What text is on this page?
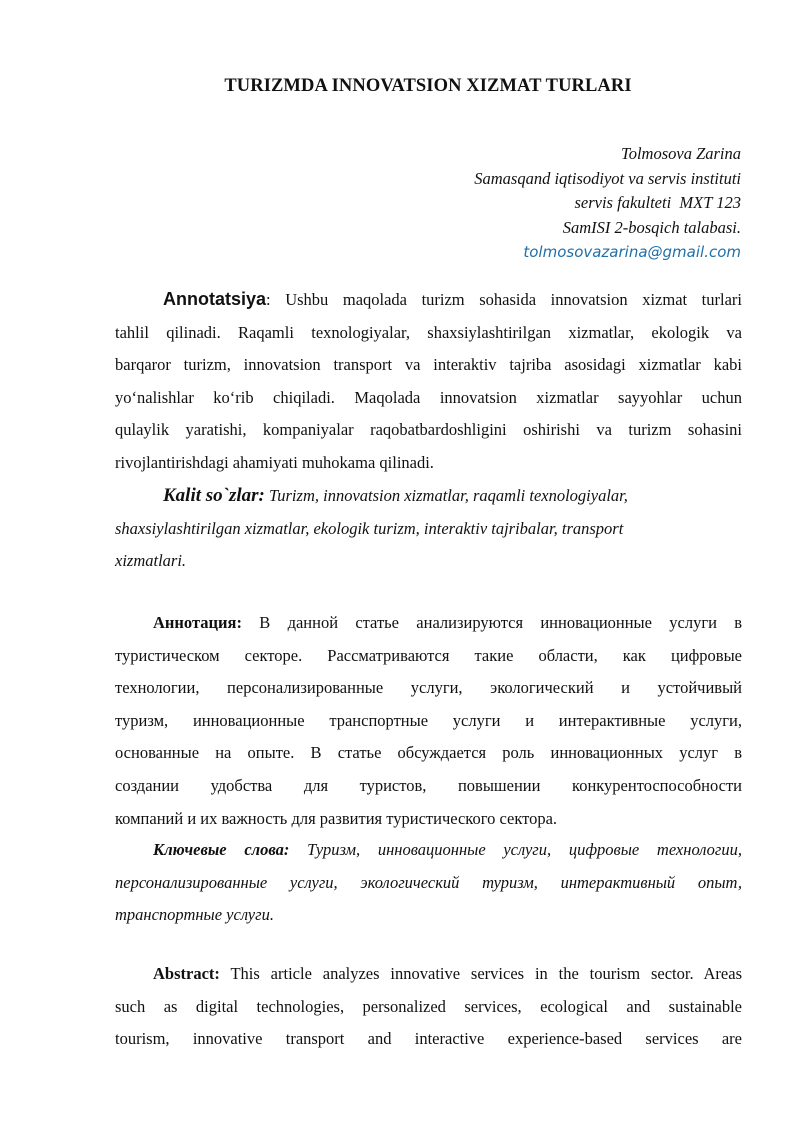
TURIZMDA INNOVATSION XIZMAT TURLARI
Tolmosova Zarina
Samasqand iqtisodiyot va servis instituti
servis fakulteti  MXT 123
SamISI 2-bosqich talabasi.
tolmosovazarina@gmail.com
Annotatsiya: Ushbu maqolada turizm sohasida innovatsion xizmat turlari
tahlil qilinadi. Raqamli texnologiyalar, shaxsiylashtirilgan xizmatlar, ekologik va
barqaror turizm, innovatsion transport va interaktiv tajriba asosidagi xizmatlar kabi
yo‘nalishlar ko‘rib chiqiladi. Maqolada innovatsion xizmatlar sayyohlar uchun
qulaylik yaratishi, kompaniyalar raqobatbardoshligini oshirishi va turizm sohasini
rivojlantirishdagi ahamiyati muhokama qilinadi.
Kalit so`zlar: Turizm, innovatsion xizmatlar, raqamli texnologiyalar,
shaxsiylashtirilgan xizmatlar, ekologik turizm, interaktiv tajribalar, transport
xizmatlari.
Аннотация: В данной статье анализируются инновационные услуги в
туристическом секторе. Рассматриваются такие области, как цифровые
технологии, персонализированные услуги, экологический и устойчивый
туризм, инновационные транспортные услуги и интерактивные услуги,
основанные на опыте. В статье обсуждается роль инновационных услуг в
создании удобства для туристов, повышении конкурентоспособности
компаний и их важность для развития туристического сектора.
Ключевые слова: Туризм, инновационные услуги, цифровые технологии,
персонализированные услуги, экологический туризм, интерактивный опыт,
транспортные услуги.
Abstract: This article analyzes innovative services in the tourism sector. Areas
such as digital technologies, personalized services, ecological and sustainable
tourism, innovative transport and interactive experience-based services are
